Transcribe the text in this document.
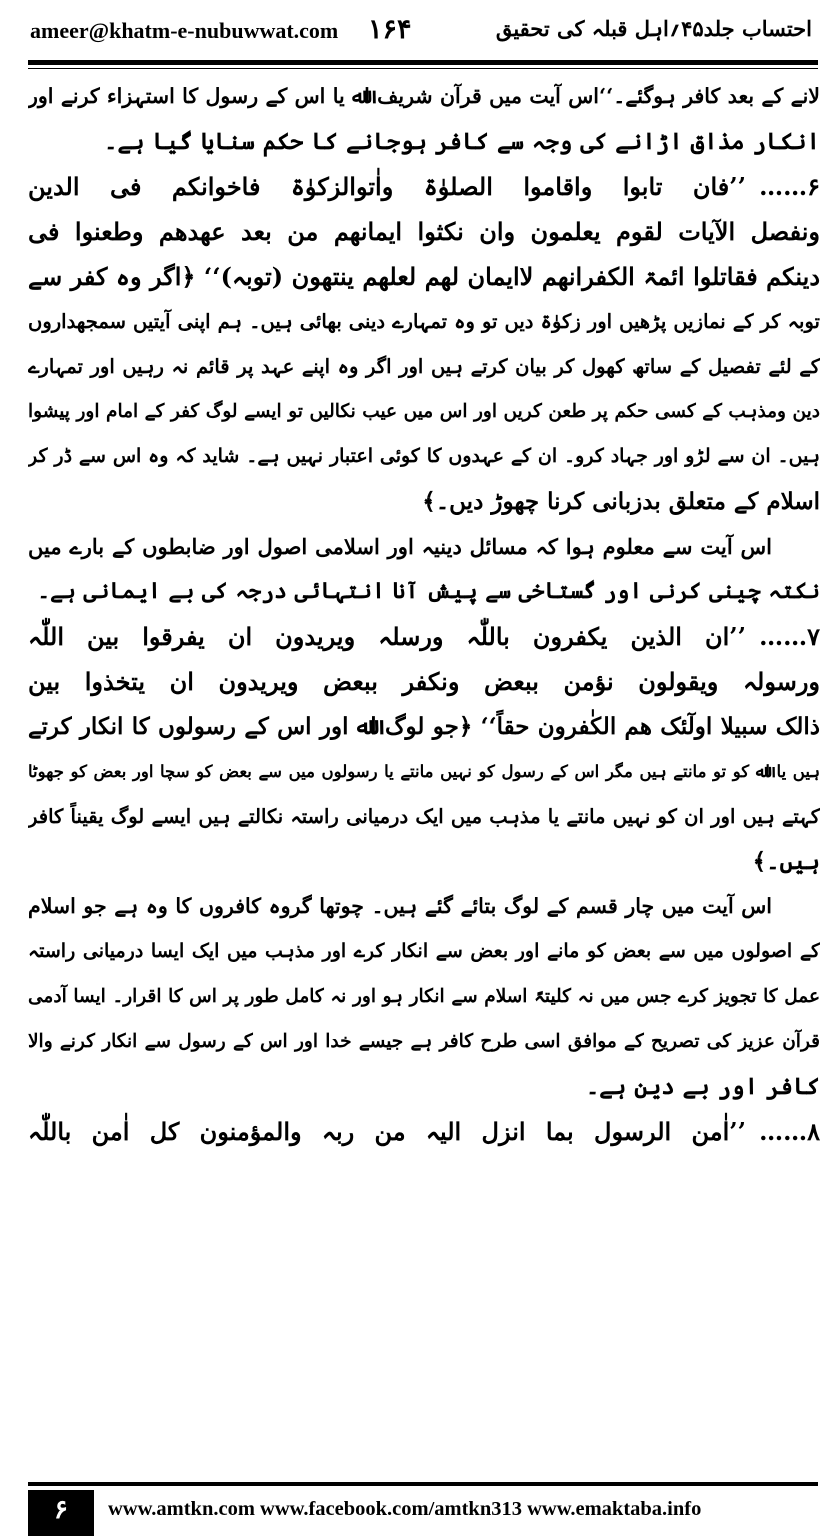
ameer@khatm-e-nubuwwat.com ۱۶۴	احتساب جلد۴۵؍اہل قبلہ کی تحقیق
لانے کے بعد کافر ہوگئے۔‘‘اس آیت میں قرآن شریف اﷲ یا اس کے رسول کا استہزاء کرنے اور
انکار مذاق اڑانے کی وجہ سے کافر ہوجانے کا حکم سنایا گیا ہے۔
۶……’’فان تابوا واقاموا الصلوٰۃ واٰتوالزکوٰۃ فاخوانکم فی الدین
ونفصل الآیات لقوم یعلمون وان نکثوا ایمانھم من بعد عھدھم وطعنوا فی
دینکم فقاتلوا ائمۃ الکفرانھم لاایمان لھم لعلھم ینتھون (توبہ)‘‘ ﴿اگر وہ کفر سے
توبہ کر کے نمازیں پڑھیں اور زکوٰۃ دیں تو وہ تمہارے دینی بھائی ہیں۔ ہم اپنی آیتیں سمجھداروں
کے لئے تفصیل کے ساتھ کھول کر بیان کرتے ہیں اور اگر وہ اپنے عہد پر قائم نہ رہیں اور تمہارے
دین ومذہب کے کسی حکم پر طعن کریں اور اس میں عیب نکالیں تو ایسے لوگ کفر کے امام اور پیشوا
ہیں۔ ان سے لڑو اور جہاد کرو۔ ان کے عہدوں کا کوئی اعتبار نہیں ہے۔ شاید کہ وہ اس سے ڈر کر
اسلام کے متعلق بدزبانی کرنا چھوڑ دیں۔﴾
اس آیت سے معلوم ہوا کہ مسائل دینیہ اور اسلامی اصول اور ضابطوں کے بارے میں
نکتہ چینی کرنی اور گستاخی سے پیش آنا انتہائی درجہ کی بے ایمانی ہے۔
۷……’’ان الذین یکفرون باللّٰہ ورسلہ ویریدون ان یفرقوا بین اللّٰہ
ورسولہ ویقولون نؤمن ببعض ونکفر ببعض ویریدون ان یتخذوا بین
ذالک سبیلا اولٓئک ھم الکٰفرون حقاً‘‘ ﴿جو لوگ اﷲ اور اس کے رسولوں کا انکار کرتے
ہیں یا اﷲ کو تو مانتے ہیں مگر اس کے رسول کو نہیں مانتے یا رسولوں میں سے بعض کو سچا اور بعض کو جھوٹا
کہتے ہیں اور ان کو نہیں مانتے یا مذہب میں ایک درمیانی راستہ نکالتے ہیں ایسے لوگ یقیناً کافر
ہیں۔﴾
اس آیت میں چار قسم کے لوگ بتائے گئے ہیں۔ چوتھا گروہ کافروں کا وہ ہے جو اسلام
کے اصولوں میں سے بعض کو مانے اور بعض سے انکار کرے اور مذہب میں ایک ایسا درمیانی راستہ
عمل کا تجویز کرے جس میں نہ کلیتہً اسلام سے انکار ہو اور نہ کامل طور پر اس کا اقرار۔ ایسا آدمی
قرآن عزیز کی تصریح کے موافق اسی طرح کافر ہے جیسے خدا اور اس کے رسول سے انکار کرنے والا
کافر اور بے دین ہے۔
۸……’’اٰمن الرسول بما انزل الیہ من ربہ والمؤمنون کل اٰمن باللّٰہ
۶	www.amtkn.com www.facebook.com/amtkn313 www.emaktaba.info
